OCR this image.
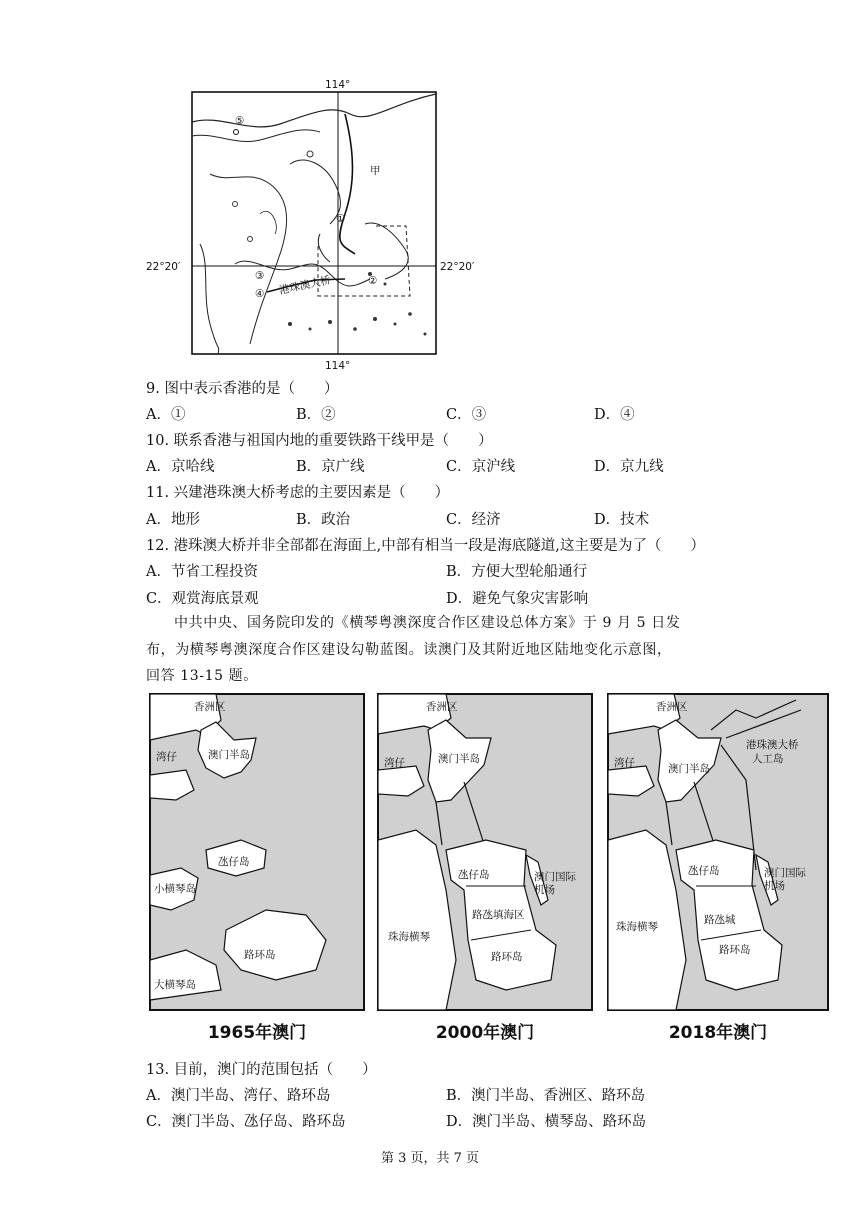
⑤
①
②
③
④ 港珠澳大桥
甲
114°
114°
22°20′	22°20′
9. 图中表示香港的是（　　）
A．①	B．②	C．③	D．④
10. 联系香港与祖国内地的重要铁路干线甲是（　　）
A．京哈线	B．京广线	C．京沪线	D．京九线
11. 兴建港珠澳大桥考虑的主要因素是（　　）
A．地形	B．政治	C．经济	D．技术
12. 港珠澳大桥并非全部都在海面上,中部有相当一段是海底隧道,这主要是为了（　　）
A．节省工程投资	B．方便大型轮船通行
C．观赏海底景观	D．避免气象灾害影响
中共中央、国务院印发的《横琴粤澳深度合作区建设总体方案》于 9 月 5 日发
布，为横琴粤澳深度合作区建设勾勒蓝图。读澳门及其附近地区陆地变化示意图，
回答 13-15 题。
香洲区
湾仔	澳门半岛
氹仔岛
小横琴岛
路环岛
大横琴岛
1965年澳门
香洲区
湾仔	澳门半岛
氹仔岛	澳门国际
机场
路氹填海区
珠海横琴
路环岛
2000年澳门
香洲区
湾仔	澳门半岛
港珠澳大桥
人工岛
氹仔岛	澳门国际
机场
珠海横琴
路氹城
路环岛
2018年澳门
13. 目前，澳门的范围包括（　　）
A．澳门半岛、湾仔、路环岛	B．澳门半岛、香洲区、路环岛
C．澳门半岛、氹仔岛、路环岛	D．澳门半岛、横琴岛、路环岛
第 3 页，共 7 页
